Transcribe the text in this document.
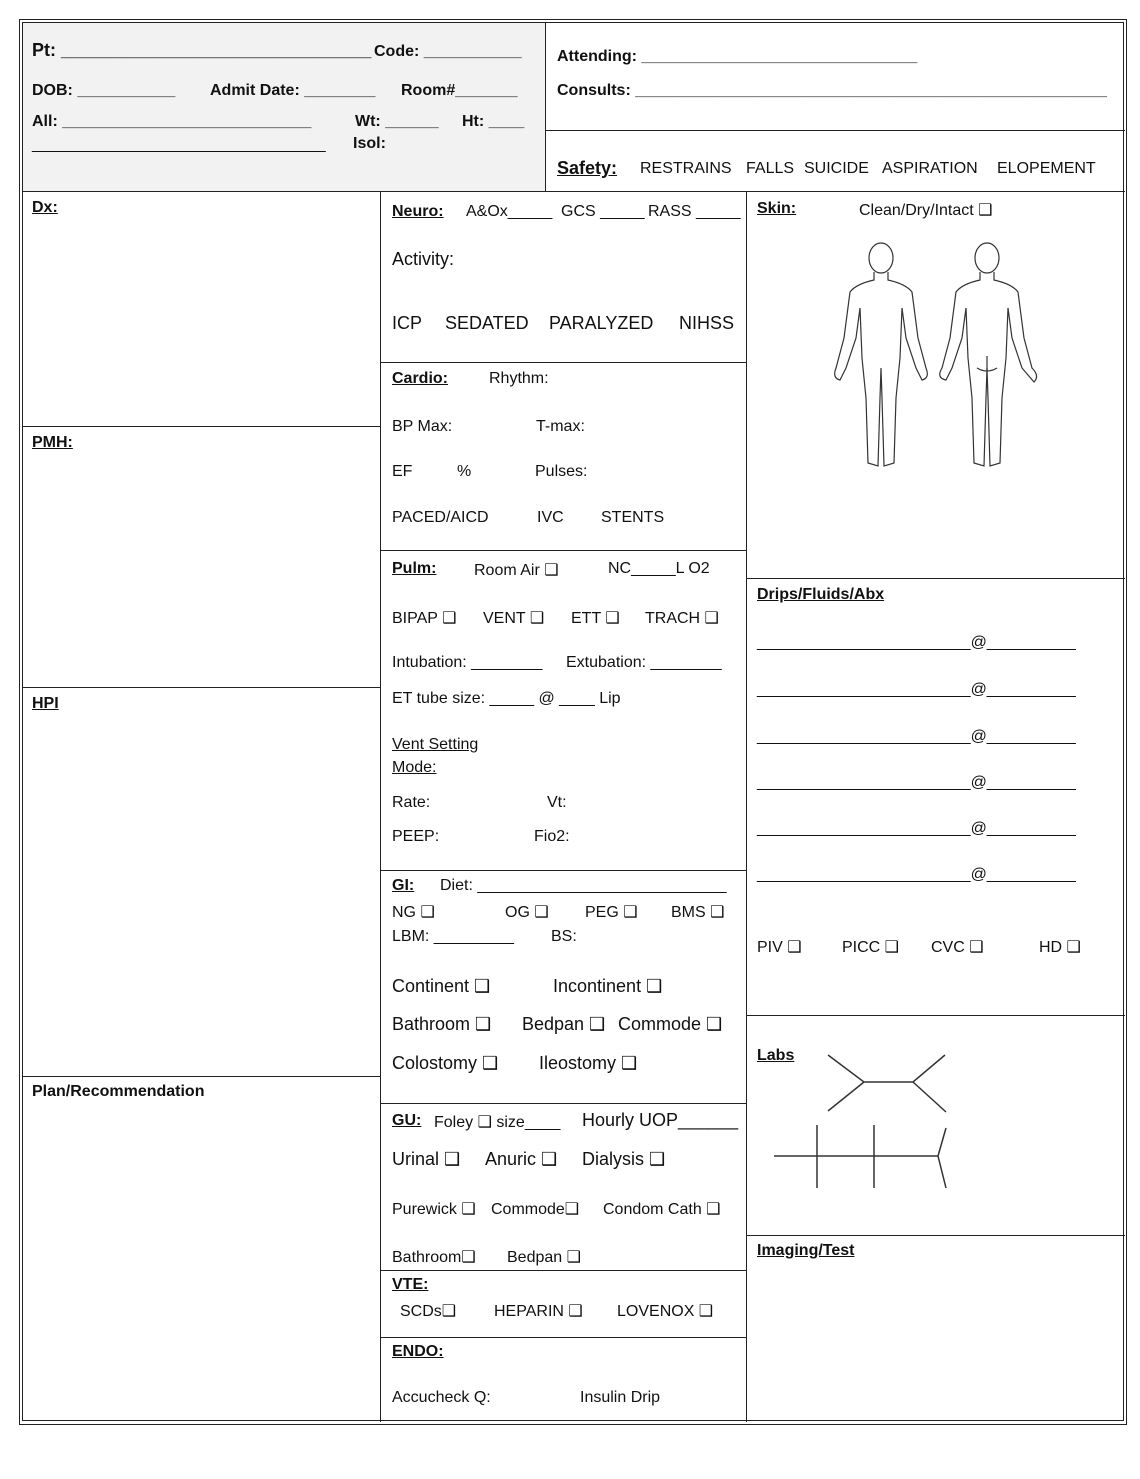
Pt: _______________________________ Code: ___________
DOB: ___________ Admit Date: ________ Room#_______
All: ____________________________	Wt: ______ Ht: ____
_________________________________ Isol:
Attending: _______________________________
Consults: _____________________________________________________
Safety: RESTRAINS FALLS SUICIDE ASPIRATION ELOPEMENT
Dx:
PMH:
HPI
Plan/Recommendation
Neuro: A&Ox_____ GCS _____ RASS _____
Activity:
ICP SEDATED PARALYZED NIHSS
Cardio:	Rhythm:
BP Max:	T-max:
EF	%	Pulses:
PACED/AICD	IVC STENTS
Pulm: Room Air ❑	NC_____L O2
BIPAP ❑ VENT ❑ ETT ❑ TRACH ❑
Intubation: ________ Extubation: ________
ET tube size: _____ @ ____ Lip
Vent Setting
Mode:
Rate:	Vt:
PEEP:	Fio2:
GI: Diet: ____________________________
NG ❑	OG ❑ PEG ❑ BMS ❑
LBM: _________ BS:
Continent ❑	Incontinent ❑
Bathroom ❑ Bedpan ❑ Commode ❑
Colostomy ❑ Ileostomy ❑
GU: Foley ❑ size____ Hourly UOP______
Urinal ❑ Anuric ❑ Dialysis ❑
Purewick ❑ Commode❑ Condom Cath ❑
Bathroom❑ Bedpan ❑
VTE:
SCDs❑ HEPARIN ❑ LOVENOX ❑
ENDO:
Accucheck Q:	Insulin Drip
Skin:	Clean/Dry/Intact ❑
Drips/Fluids/Abx
________________________@__________
________________________@__________
________________________@__________
________________________@__________
________________________@__________
________________________@__________
PIV ❑	PICC ❑ CVC ❑	HD ❑
Labs
Imaging/Test
